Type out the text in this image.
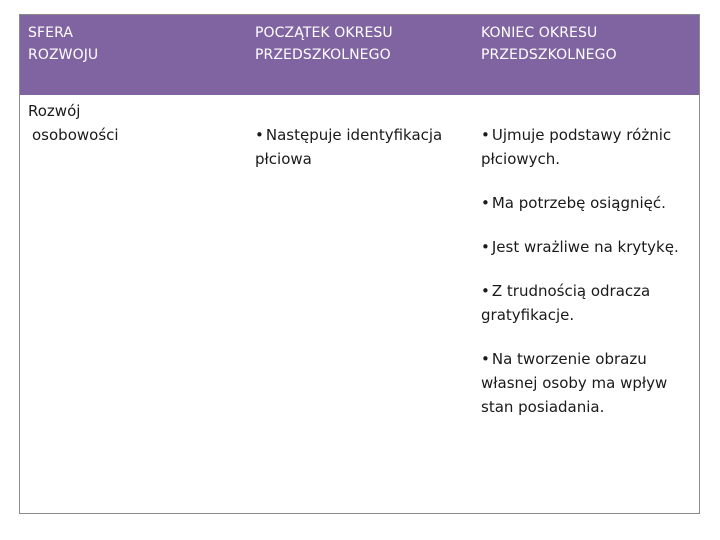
SFERA
ROZWOJU
POCZĄTEK OKRESU
PRZEDSZKOLNEGO
KONIEC OKRESU
PRZEDSZKOLNEGO
Rozwój
osobowości	• Następuje identyfikacja płciowa

• Ujmuje podstawy różnic płciowych.

• Ma potrzebę osiągnięć.

• Jest wrażliwe na krytykę.

• Z trudnością odracza gratyfikacje.

• Na tworzenie obrazu własnej osoby ma wpływ stan posiadania.
